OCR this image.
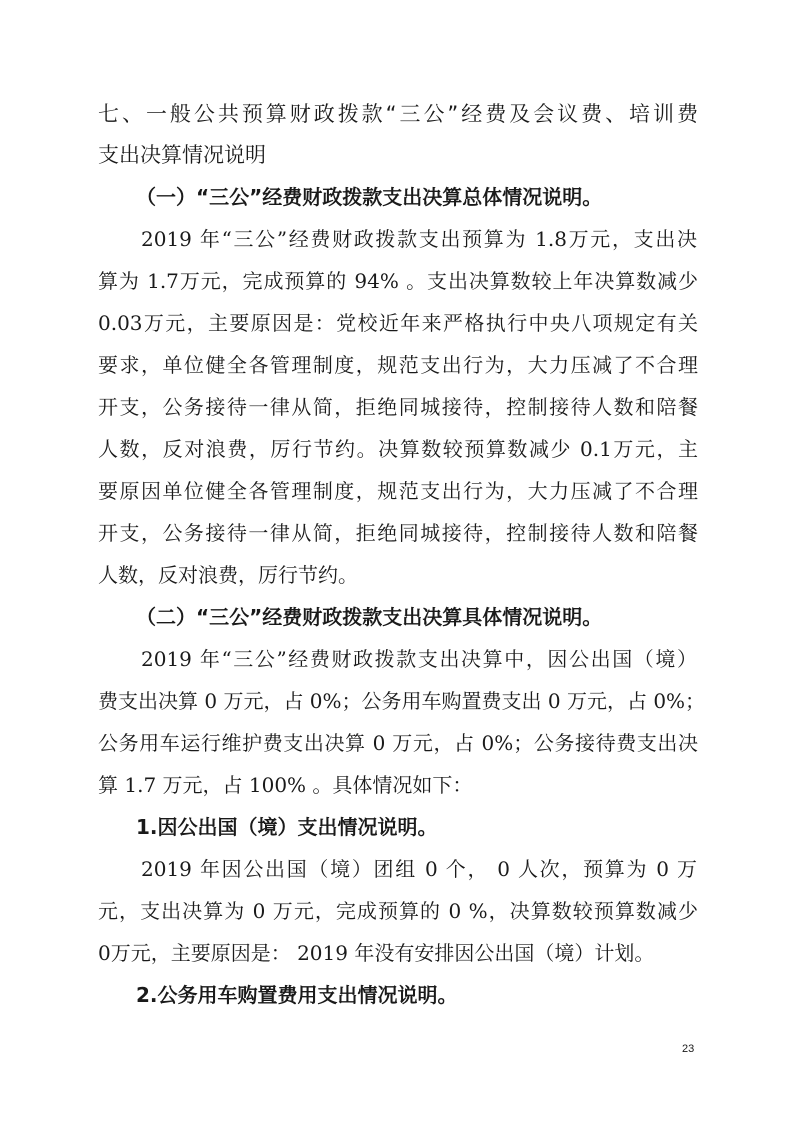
七、一般公共预算财政拨款“三公”经费及会议费、培训费
支出决算情况说明
（一）“三公”经费财政拨款支出决算总体情况说明。
2019 年“三公”经费财政拨款支出预算为 1.8万元，支出决
算为 1.7万元，完成预算的 94% 。支出决算数较上年决算数减少
0.03万元，主要原因是：党校近年来严格执行中央八项规定有关
要求，单位健全各管理制度，规范支出行为，大力压减了不合理
开支，公务接待一律从简，拒绝同城接待，控制接待人数和陪餐
人数，反对浪费，厉行节约。决算数较预算数减少 0.1万元，主
要原因单位健全各管理制度，规范支出行为，大力压减了不合理
开支，公务接待一律从简，拒绝同城接待，控制接待人数和陪餐
人数，反对浪费，厉行节约。
（二）“三公”经费财政拨款支出决算具体情况说明。
2019 年“三公”经费财政拨款支出决算中，因公出国（境）
费支出决算 0 万元，占 0%；公务用车购置费支出 0 万元，占 0%；
公务用车运行维护费支出决算 0 万元，占 0%；公务接待费支出决
算 1.7 万元，占 100% 。具体情况如下：
1.因公出国（境）支出情况说明。
2019 年因公出国（境）团组 0 个， 0 人次，预算为 0 万
元，支出决算为 0 万元，完成预算的 0 %，决算数较预算数减少
0万元，主要原因是： 2019 年没有安排因公出国（境）计划。
2.公务用车购置费用支出情况说明。
23
